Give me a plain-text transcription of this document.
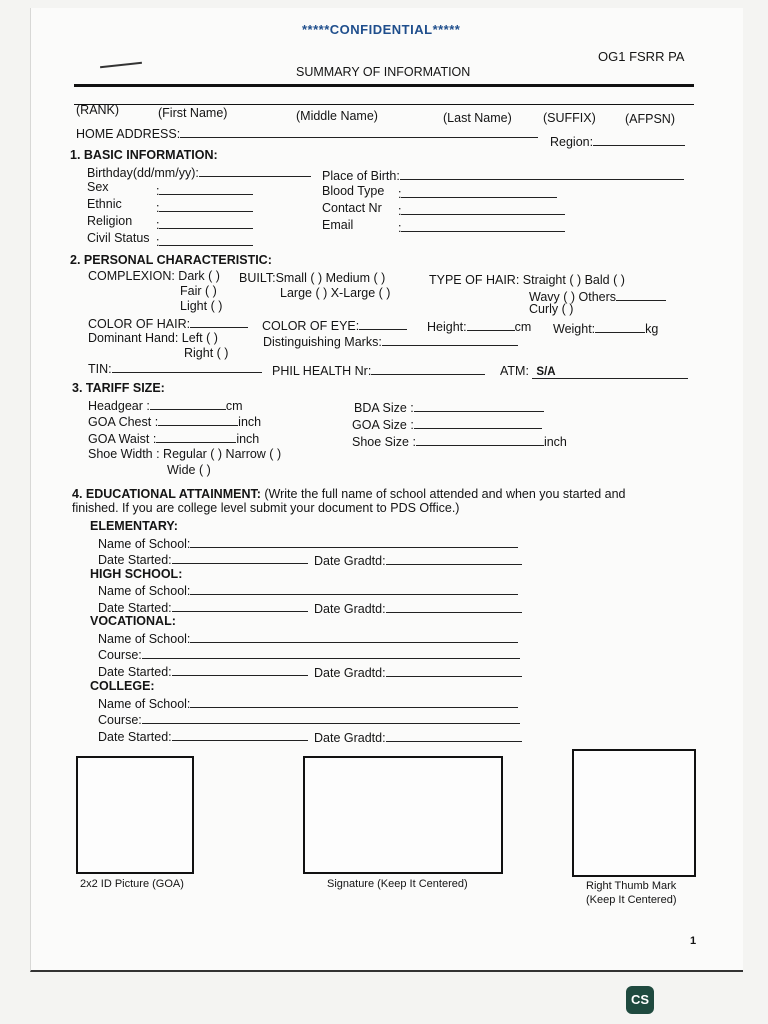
*****CONFIDENTIAL*****
OG1 FSRR PA
SUMMARY OF INFORMATION
(RANK)	(First Name)	(Middle Name)	(Last Name) (SUFFIX) (AFPSN)
HOME ADDRESS:
Region:
1. BASIC INFORMATION:
Birthday(dd/mm/yy):
Sex	:
Ethnic	:
Religion :
Civil Status :
Place of Birth:
Blood Type :
Contact Nr :
Email	:
2. PERSONAL CHARACTERISTIC:
COMPLEXION: Dark ( )
Fair ( )
Light ( )
BUILT:Small ( ) Medium ( )
Large ( ) X-Large ( )
TYPE OF HAIR: Straight ( ) Bald ( )
Wavy ( ) Others
Curly ( )
COLOR OF HAIR:	COLOR OF EYE:	Height:	cm Weight:	kg
Dominant Hand: Left ( )
Right ( )
Distinguishing Marks:
TIN:	PHIL HEALTH Nr:	ATM: S/A
3. TARIFF SIZE:
Headgear :	cm
GOA Chest :	inch
GOA Waist :	inch
Shoe Width : Regular ( ) Narrow ( )
Wide ( )
BDA Size :
GOA Size :
Shoe Size :	inch
4. EDUCATIONAL ATTAINMENT: (Write the full name of school attended and when you started and
finished. If you are college level submit your document to PDS Office.)
ELEMENTARY:
Name of School:
Date Started:	Date Gradtd:
HIGH SCHOOL:
Name of School:
Date Started:	Date Gradtd:
VOCATIONAL:
Name of School:
Course:
Date Started:	Date Gradtd:
COLLEGE:
Name of School:
Course:
Date Started:	Date Gradtd:
2x2 ID Picture (GOA)	Signature (Keep It Centered)	Right Thumb Mark
(Keep It Centered)
1
CS
